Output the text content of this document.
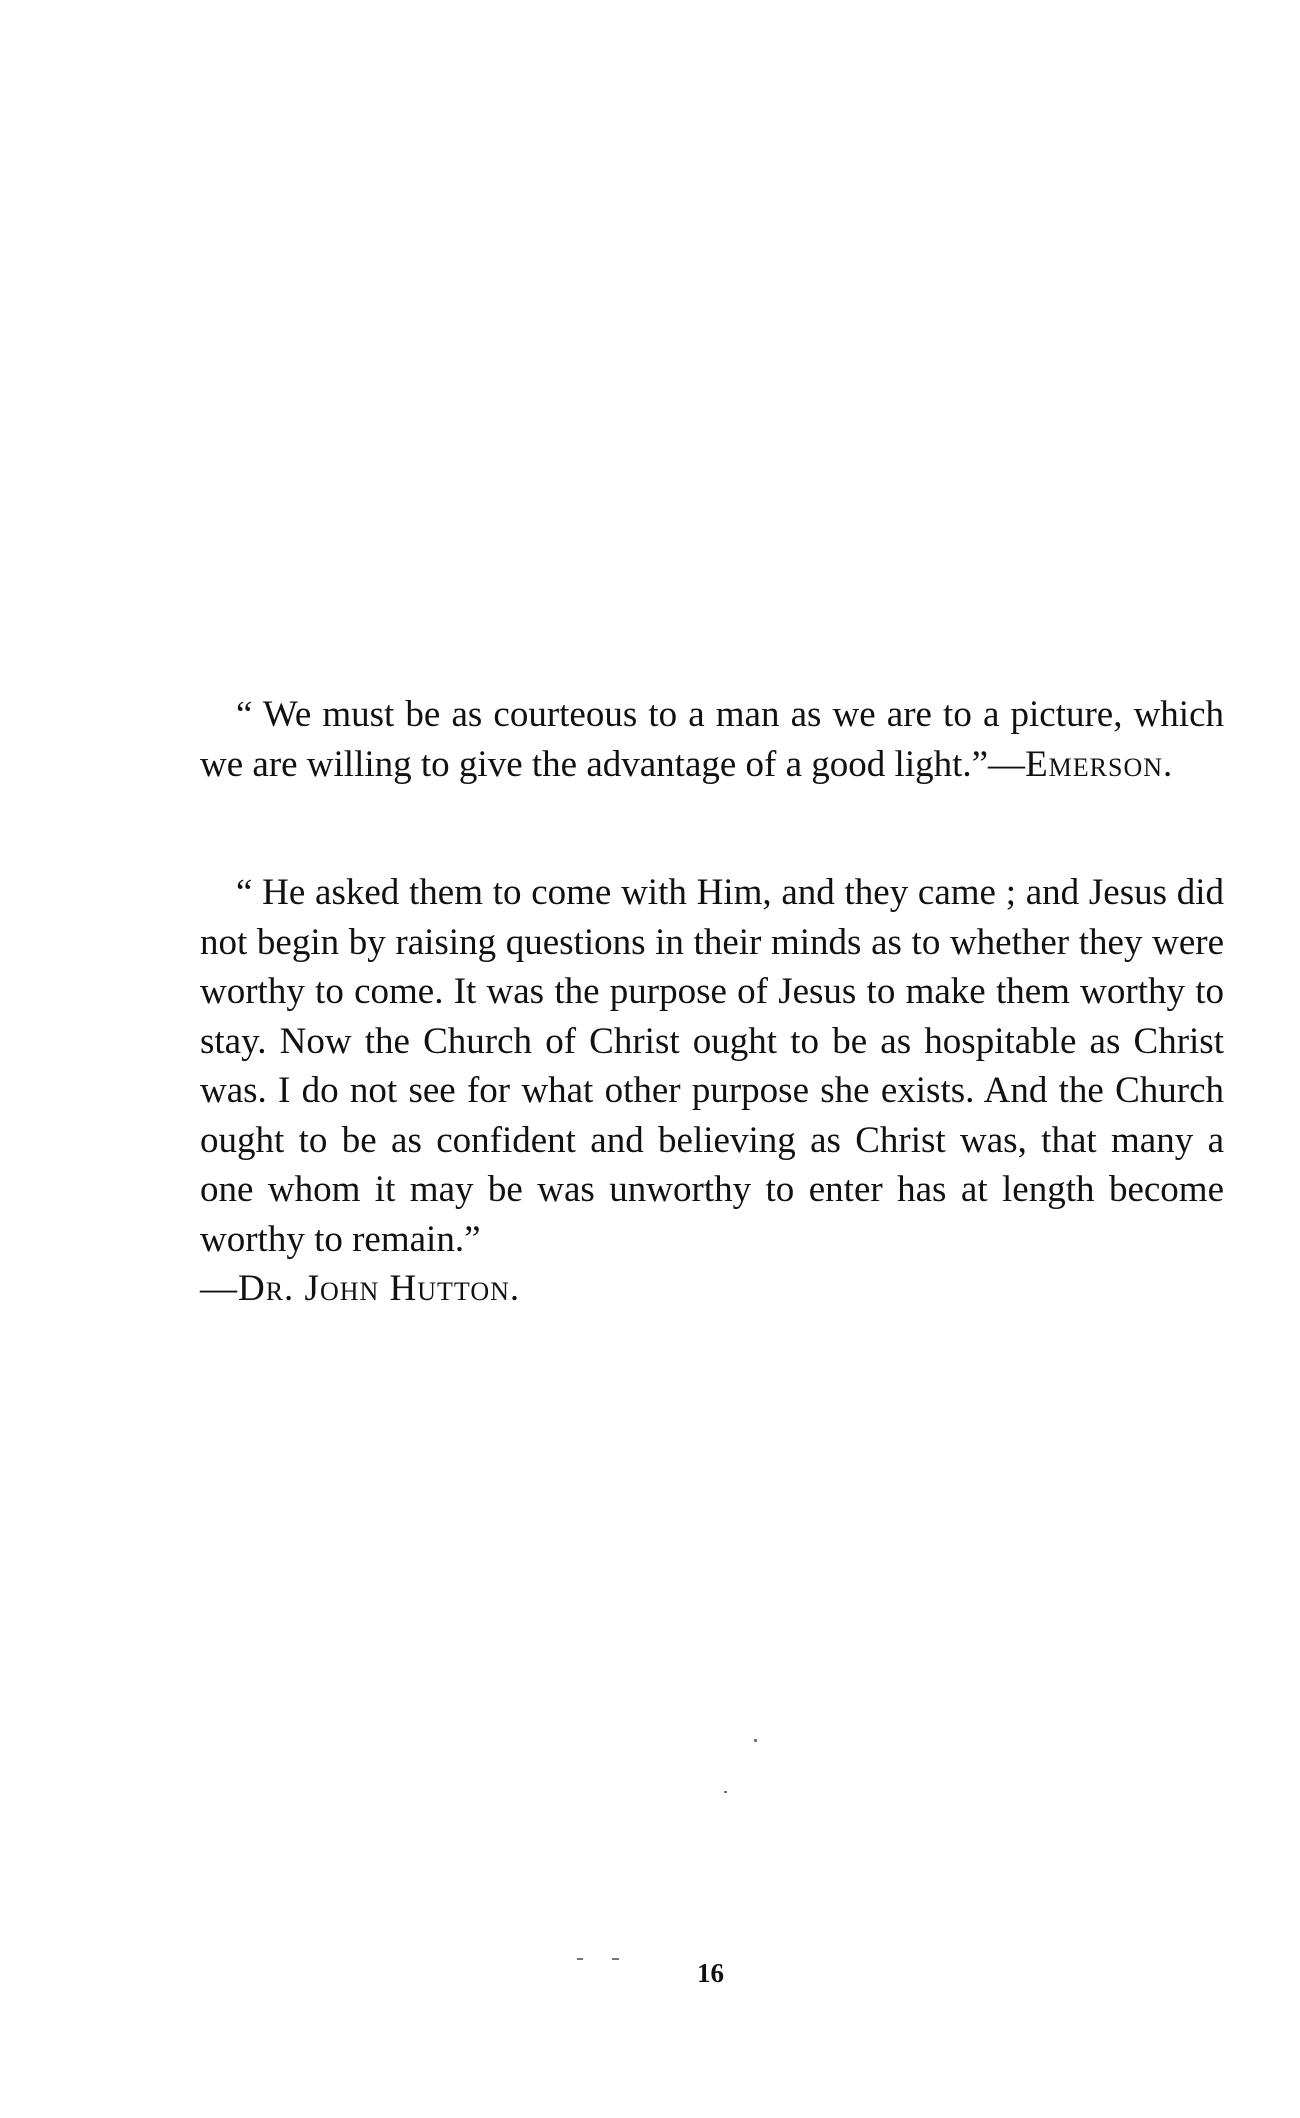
“ We must be as courteous to a man as we are to a picture, which we are willing to give the advantage of a good light.”—Emerson.

“ He asked them to come with Him, and they came ; and Jesus did not begin by raising questions in their minds as to whether they were worthy to come. It was the purpose of Jesus to make them worthy to stay. Now the Church of Christ ought to be as hospitable as Christ was. I do not see for what other purpose she exists. And the Church ought to be as confident and believing as Christ was, that many a one whom it may be was unworthy to enter has at length become worthy to remain.”
—Dr. John Hutton.

16
